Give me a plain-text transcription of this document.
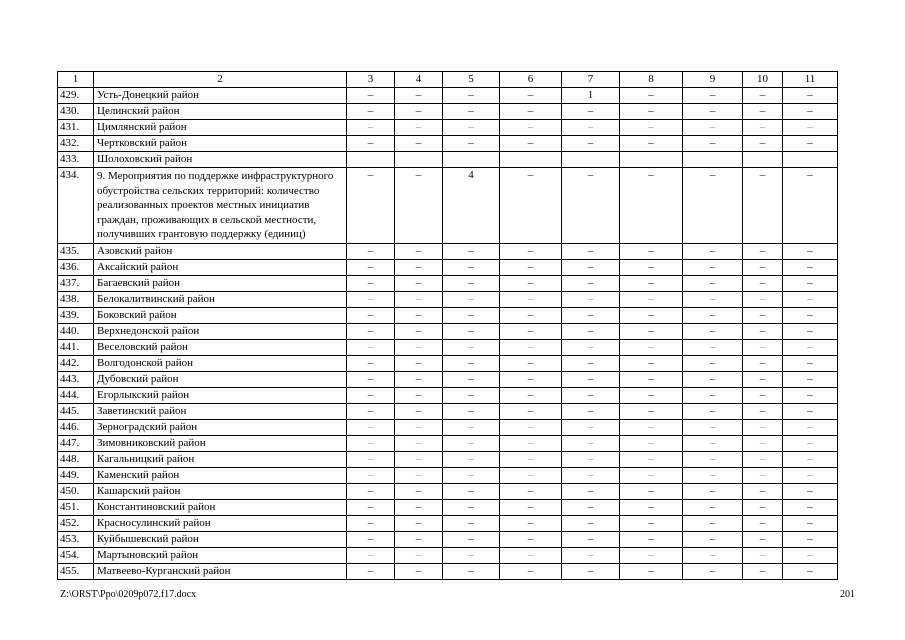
1	2	3	4	5	6	7	8	9	10	11
429.	Усть-Донецкий район	–	–	–	–	1	–	–	–	–
430.	Целинский район	–	–	–	–	–	–	–	–	–
431.	Цимлянский район	–	–	–	–	–	–	–	–	–
432.	Чертковский район	–	–	–	–	–	–	–	–	–
433.	Шолоховский район									
434.	9. Мероприятия по поддержке инфраструктурного обустройства сельских территорий: количество реализованных проектов местных инициатив граждан, проживающих в сельской местности, получивших грантовую поддержку (единиц)	–	–	4	–	–	–	–	–	–
435.	Азовский район	–	–	–	–	–	–	–	–	–
436.	Аксайский район	–	–	–	–	–	–	–	–	–
437.	Багаевский район	–	–	–	–	–	–	–	–	–
438.	Белокалитвинский район	–	–	–	–	–	–	–	–	–
439.	Боковский район	–	–	–	–	–	–	–	–	–
440.	Верхнедонской район	–	–	–	–	–	–	–	–	–
441.	Веселовский район	–	–	–	–	–	–	–	–	–
442.	Волгодонской район	–	–	–	–	–	–	–	–	–
443.	Дубовский район	–	–	–	–	–	–	–	–	–
444.	Егорлыкский район	–	–	–	–	–	–	–	–	–
445.	Заветинский район	–	–	–	–	–	–	–	–	–
446.	Зерноградский район	–	–	–	–	–	–	–	–	–
447.	Зимовниковский район	–	–	–	–	–	–	–	–	–
448.	Кагальницкий район	–	–	–	–	–	–	–	–	–
449.	Каменский район	–	–	–	–	–	–	–	–	–
450.	Кашарский район	–	–	–	–	–	–	–	–	–
451.	Константиновский район	–	–	–	–	–	–	–	–	–
452.	Красносулинский район	–	–	–	–	–	–	–	–	–
453.	Куйбышевский район	–	–	–	–	–	–	–	–	–
454.	Мартыновский район	–	–	–	–	–	–	–	–	–
455.	Матвеево-Курганский район	–	–	–	–	–	–	–	–	–
Z:\ORST\Ppo\0209p072.f17.docx	201
